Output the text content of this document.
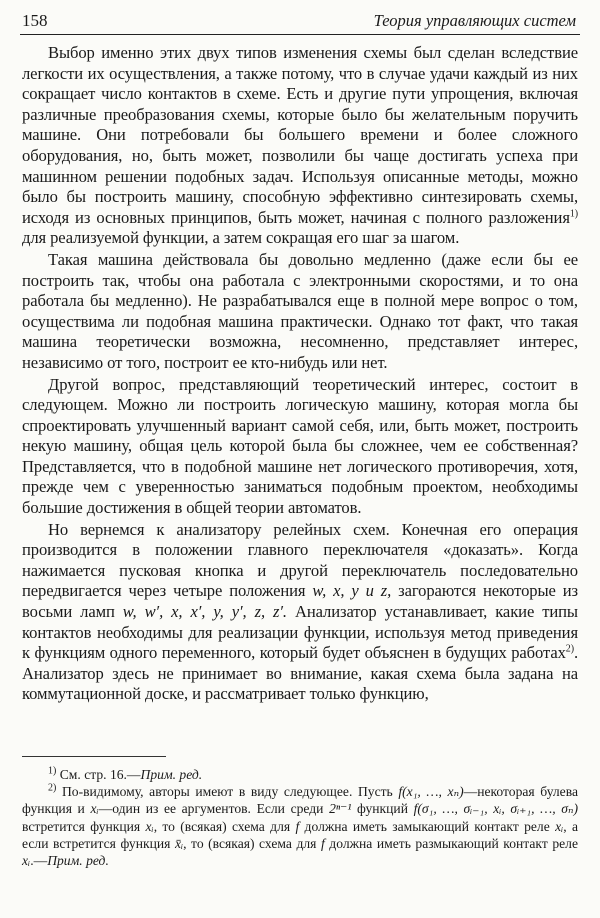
158	Теория управляющих систем

Выбор именно этих двух типов изменения схемы был сделан вследствие легкости их осуществления, а также потому, что в случае удачи каждый из них сокращает число контактов в схеме. Есть и другие пути упрощения, включая различные преобразования схемы, которые было бы желательным поручить машине. Они потребовали бы большего времени и более сложного оборудования, но, быть может, позволили бы чаще достигать успеха при машинном решении подобных задач. Используя описанные методы, можно было бы построить машину, способную эффективно синтезировать схемы, исходя из основных принципов, быть может, начиная с полного разложения$^{1)}$ для реализуемой функции, а затем сокращая его шаг за шагом.

Такая машина действовала бы довольно медленно (даже если бы ее построить так, чтобы она работала с электронными скоростями, и то она работала бы медленно). Не разрабатывался еще в полной мере вопрос о том, осуществима ли подобная машина практически. Однако тот факт, что такая машина теоретически возможна, несомненно, представляет интерес, независимо от того, построит ее кто-нибудь или нет.

Другой вопрос, представляющий теоретический интерес, состоит в следующем. Можно ли построить логическую машину, которая могла бы спроектировать улучшенный вариант самой себя, или, быть может, построить некую машину, общая цель которой была бы сложнее, чем ее собственная? Представляется, что в подобной машине нет логического противоречия, хотя, прежде чем с уверенностью заниматься подобным проектом, необходимы большие достижения в общей теории автоматов.

Но вернемся к анализатору релейных схем. Конечная его операция производится в положении главного переключателя «доказать». Когда нажимается пусковая кнопка и другой переключатель последовательно передвигается через четыре положения w, x, y и z, загораются некоторые из восьми ламп w, w′, x, x′, y, y′, z, z′. Анализатор устанавливает, какие типы контактов необходимы для реализации функции, используя метод приведения к функциям одного переменного, который будет объяснен в будущих работах$^{2)}$. Анализатор здесь не принимает во внимание, какая схема была задана на коммутационной доске, и рассматривает только функцию,

$^{1)}$ См. стр. 16.—Прим. ред.

$^{2)}$ По-видимому, авторы имеют в виду следующее. Пусть f(x₁, …, xₙ)—некоторая булева функция и xᵢ—один из ее аргументов. Если среди 2ⁿ⁻¹ функций f(σ₁, …, σᵢ₋₁, xᵢ, σᵢ₊₁, …, σₙ) встретится функция xᵢ, то (всякая) схема для f должна иметь замыкающий контакт реле xᵢ, а если встретится функция x̄ᵢ, то (всякая) схема для f должна иметь размыкающий контакт реле xᵢ.—Прим. ред.
